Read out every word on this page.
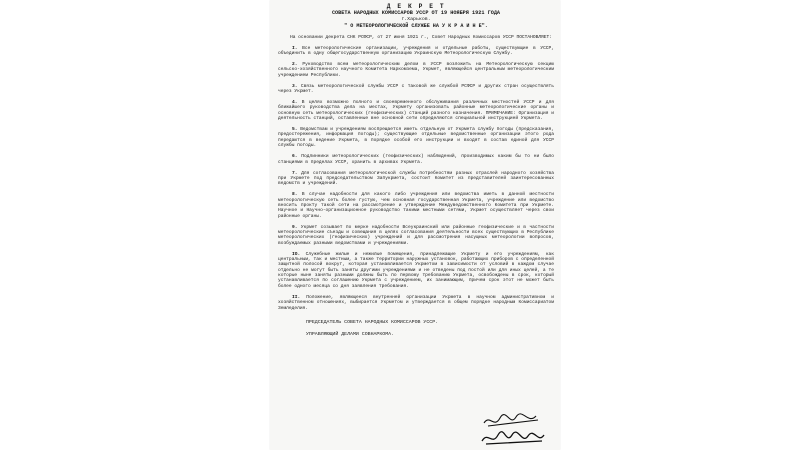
Д Е К Р Е Т
СОВЕТА НАРОДНЫХ КОМИССАРОВ УССР ОТ 19 НОЯБРЯ 1921 ГОДА
г.Харьков.
" О МЕТЕОРОЛОГИЧЕСКОЙ СЛУЖБЕ НА У К Р А И Н Е".
На основании декрета СНК РСФСР, от 27 июня 1921 г., Совет Народных Комиссаров УССР ПОСТАНОВЛЯЕТ:
I. Все метеорологические организации, учреждения и отдельные работы, существующие в УССР, объединить в одну общегосударственную организацию Украинскую Метеорологическую Службу.
2. Руководство всем метеорологическим делом в УССР возложить на Метеорологическую секцию сельско-хозяйственного научного Комитета Наркомзема, Укрмет, являющейся центральным метеорологическим учреждением Республики.
3. Связь метеорологической службы УССР с таковой же службой РСФСР и других стран осуществлять через Укрмет.
4. В целях возможно полного и своевременного обслуживания различных местностей УССР и для ближайшего руководства дела на местах, Укрмету организовать районные метеорологические органы и основную сеть метеорологических (геофизических) станций разного назначения. ПРИМЕЧАНИЕ: Организация и деятельность станций, оставленные вне основной сети определяются специальной инструкцией Укрмета.
5. Ведомствам и учреждениям воспрещается иметь отдельную от Укрмета службу погоды (предсказания, предостережения, информация погоды); существующие отдельные ведомственные организации этого рода передаются в ведение Укрмета, в порядке особой его инструкции и входят в состав единой для УССР службы погоды.
6. Подлинники метеорологических (геофизических) наблюдений, производимых каким бы то ни было станциями в пределах УССР, хранить в архивах Укрмета.
7. Для согласования метеорологической службы потребностям разных отраслей народного хозяйства при Укрмете под председательством Запукрмета, состоит Комитет из представителей заинтересованных ведомств и учреждений.
8. В случае надобности для какого либо учреждения или ведомства иметь в данной местности метеорологическую сеть более густую, чем основная государственная Укрмета, учреждение или ведомство вносить прокту такой сети на рассмотрение и утверждение Междуведомственного Комитета при Укрмете. Научное и Научно-организационное руководство такими местными сетями, Укрмет осуществляет через свои районные органы.
9. Укрмет созывает по мерке надобности Всеукраинский или районные геофизические и в частности метеорологические съезды и совещания в целях согласования деятельности всех существующих в Республике метеорологических (геофизических) учреждений и для рассмотрения насущных метеорологии вопросов, возбуждаемых разными ведомствами и учреждениями.
IO. Служебные жилые и нежилые помещения, принадлежащие Укрмету и его учреждениям, как центральным, так и местным, а также территории наружных установок, работающих приборов с определенной защитной полосой вокруг, которая устанавливается Укрметом в зависимости от условий в каждом случае отдельно не могут быть заняты другими учреждениями и не отведены под постой или для иных целей, а те которые ныне заняты разными должны быть по первому требованию Укрмета, освобождены в срок, который устанавливается по соглашению Укрмета с учреждением, их занимающим, причем срок этот не может быть более одного месяца со дня заявления требования.
II. Положение, являющееся внутренней организации Укрмета в научном административном и хозяйственном отношениях, выбирается Укрметом и утверждается в общем порядке народным Комиссариатом Земледелия.
ПРЕДСЕДАТЕЛЬ СОВЕТА НАРОДНЫХ КОМИССАРОВ УССР.
УПРАВЛЯЮЩИЙ ДЕЛАМИ СОВНАРКОМА.
